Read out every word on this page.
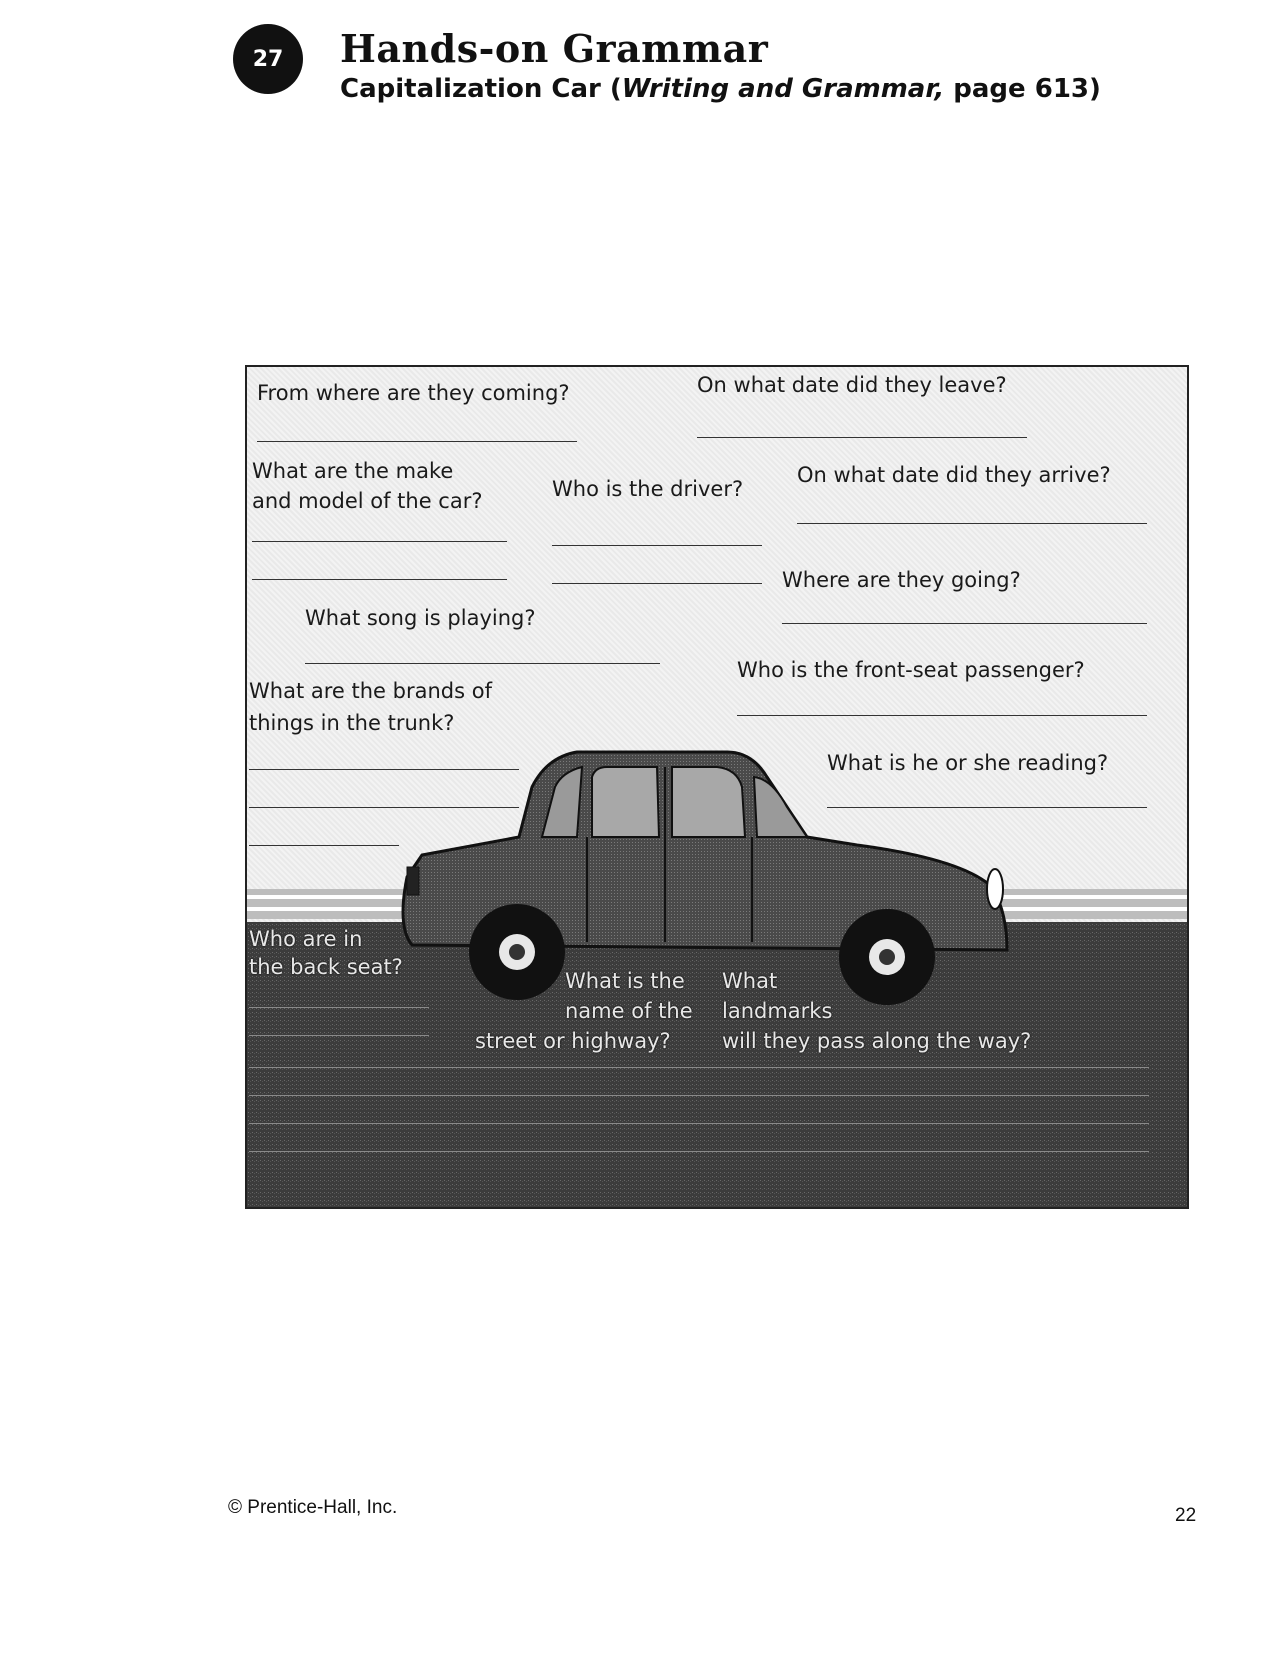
27 Hands-on Grammar
Capitalization Car (Writing and Grammar, page 613)
From where are they coming?	On what date did they leave?
What are the make
and model of the car?	Who is the driver?
On what date did they arrive?
Where are they going?
What song is playing?
Who is the front-seat passenger?
What are the brands of
things in the trunk?
What is he or she reading?
Who are in
the back seat?
What is the
name of the
street or highway?
What
landmarks
will they pass along the way?
© Prentice-Hall, Inc.	22
